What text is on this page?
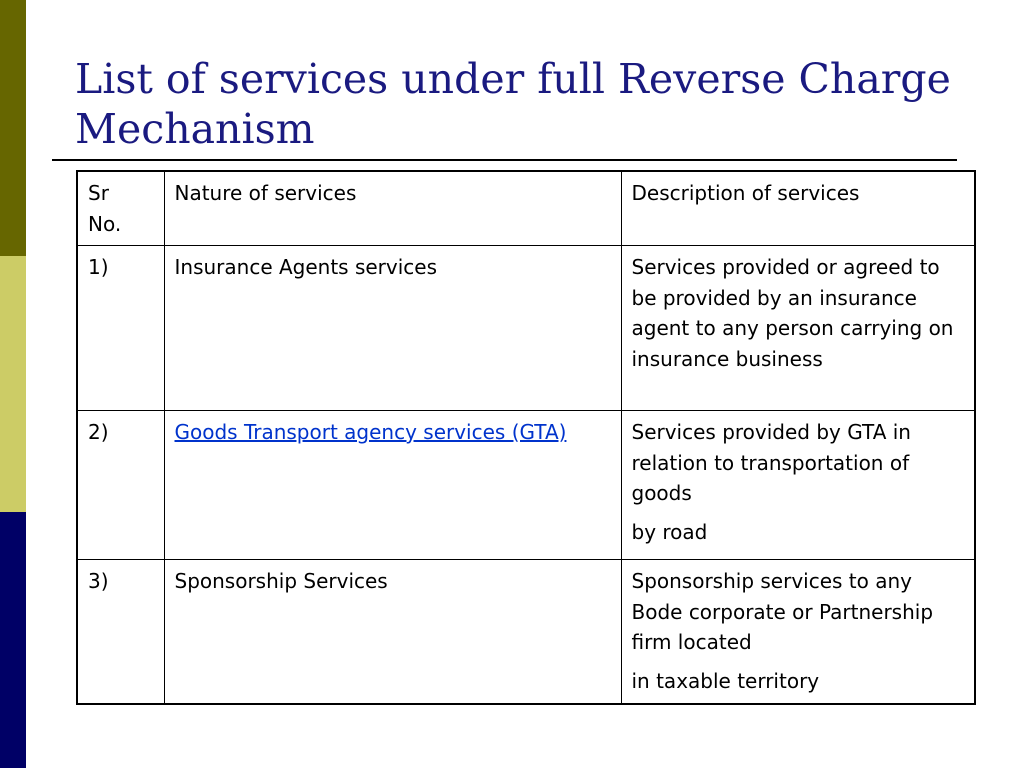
List of services under full Reverse Charge Mechanism
Sr
No.	Nature of services	Description of services
1)	Insurance Agents services	Services provided or agreed to be provided by an insurance agent to any person carrying on insurance business
2)	Goods Transport agency services (GTA)	Services provided by GTA in relation to transportation of goods
by road

3)	Sponsorship Services	Sponsorship services to any Bode corporate or Partnership firm located
in taxable territory
